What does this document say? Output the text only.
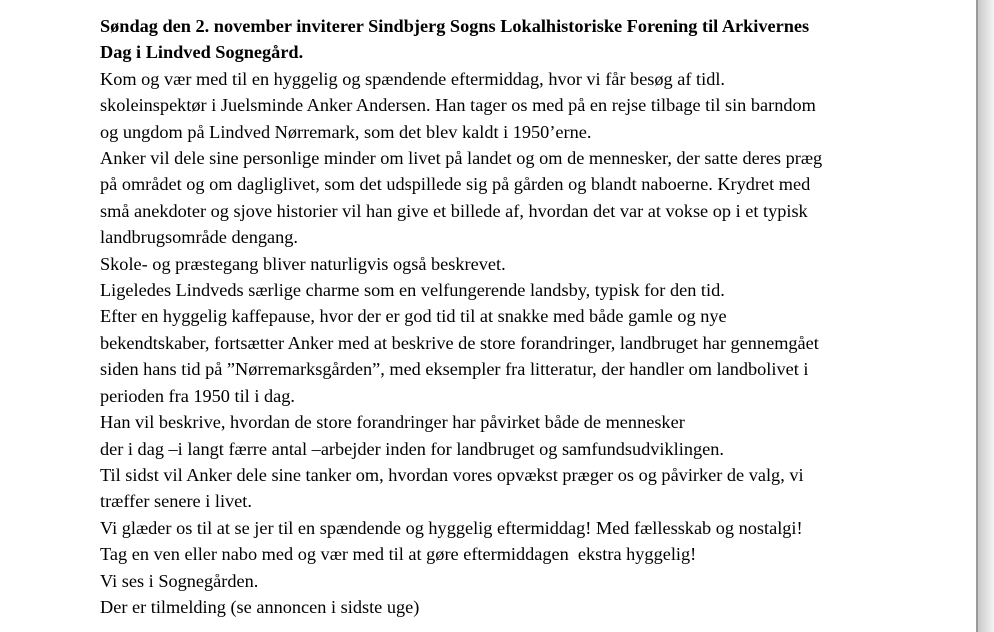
Søndag den 2. november inviterer Sindbjerg Sogns Lokalhistoriske Forening til Arkivernes
Dag i Lindved Sognegård.
Kom og vær med til en hyggelig og spændende eftermiddag, hvor vi får besøg af tidl.
skoleinspektør i Juelsminde Anker Andersen. Han tager os med på en rejse tilbage til sin barndom
og ungdom på Lindved Nørremark, som det blev kaldt i 1950’erne.
Anker vil dele sine personlige minder om livet på landet og om de mennesker, der satte deres præg
på området og om dagliglivet, som det udspillede sig på gården og blandt naboerne. Krydret med
små anekdoter og sjove historier vil han give et billede af, hvordan det var at vokse op i et typisk
landbrugsområde dengang.
Skole- og præstegang bliver naturligvis også beskrevet.
Ligeledes Lindveds særlige charme som en velfungerende landsby, typisk for den tid.
Efter en hyggelig kaffepause, hvor der er god tid til at snakke med både gamle og nye
bekendtskaber, fortsætter Anker med at beskrive de store forandringer, landbruget har gennemgået
siden hans tid på ”Nørremarksgården”, med eksempler fra litteratur, der handler om landbolivet i
perioden fra 1950 til i dag.
Han vil beskrive, hvordan de store forandringer har påvirket både de mennesker
der i dag –i langt færre antal –arbejder inden for landbruget og samfundsudviklingen.
Til sidst vil Anker dele sine tanker om, hvordan vores opvækst præger os og påvirker de valg, vi
træffer senere i livet.
Vi glæder os til at se jer til en spændende og hyggelig eftermiddag! Med fællesskab og nostalgi!
Tag en ven eller nabo med og vær med til at gøre eftermiddagen  ekstra hyggelig!
Vi ses i Sognegården.
Der er tilmelding (se annoncen i sidste uge)
